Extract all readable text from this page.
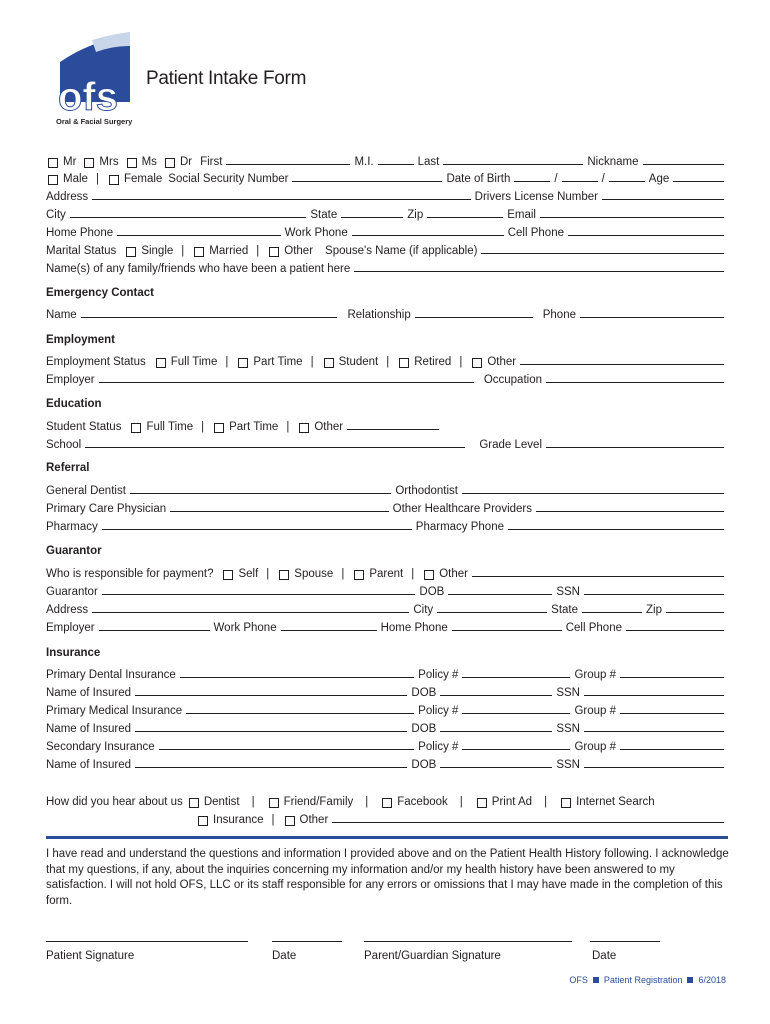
ofs
Oral & Facial Surgery
Patient Intake Form
Mr Mrs Ms Dr First	M.I.	Last	Nickname
Male | Female Social Security Number	Date of Birth	/	/	Age
Address	Drivers License Number
City	State	Zip	Email
Home Phone	Work Phone	Cell Phone
Marital Status Single | Married | Other Spouse's Name (if applicable)
Name(s) of any family/friends who have been a patient here
Emergency Contact
Name	Relationship	Phone
Employment
Employment Status Full Time | Part Time | Student | Retired | Other
Employer	Occupation
Education
Student Status Full Time | Part Time | Other
School	Grade Level
Referral
General Dentist	Orthodontist
Primary Care Physician	Other Healthcare Providers
Pharmacy	Pharmacy Phone
Guarantor
Who is responsible for payment? Self | Spouse | Parent | Other
Guarantor	DOB	SSN
Address	City	State	Zip
Employer	Work Phone	Home Phone	Cell Phone
Insurance
Primary Dental Insurance	Policy #	Group #
Name of Insured	DOB	SSN
Primary Medical Insurance	Policy #	Group #
Name of Insured	DOB	SSN
Secondary Insurance	Policy #	Group #
Name of Insured	DOB	SSN
How did you hear about us Dentist |	Friend/Family |	Facebook |	Print Ad |	Internet Search
Insurance | Other
I have read and understand the questions and information I provided above and on the Patient Health History following. I acknowledge that my questions, if any, about the inquiries concerning my information and/or my health history have been answered to my satisfaction. I will not hold OFS, LLC or its staff responsible for any errors or omissions that I may have made in the completion of this form.
Patient Signature	Date	Parent/Guardian Signature	Date
OFS Patient Registration 6/2018
